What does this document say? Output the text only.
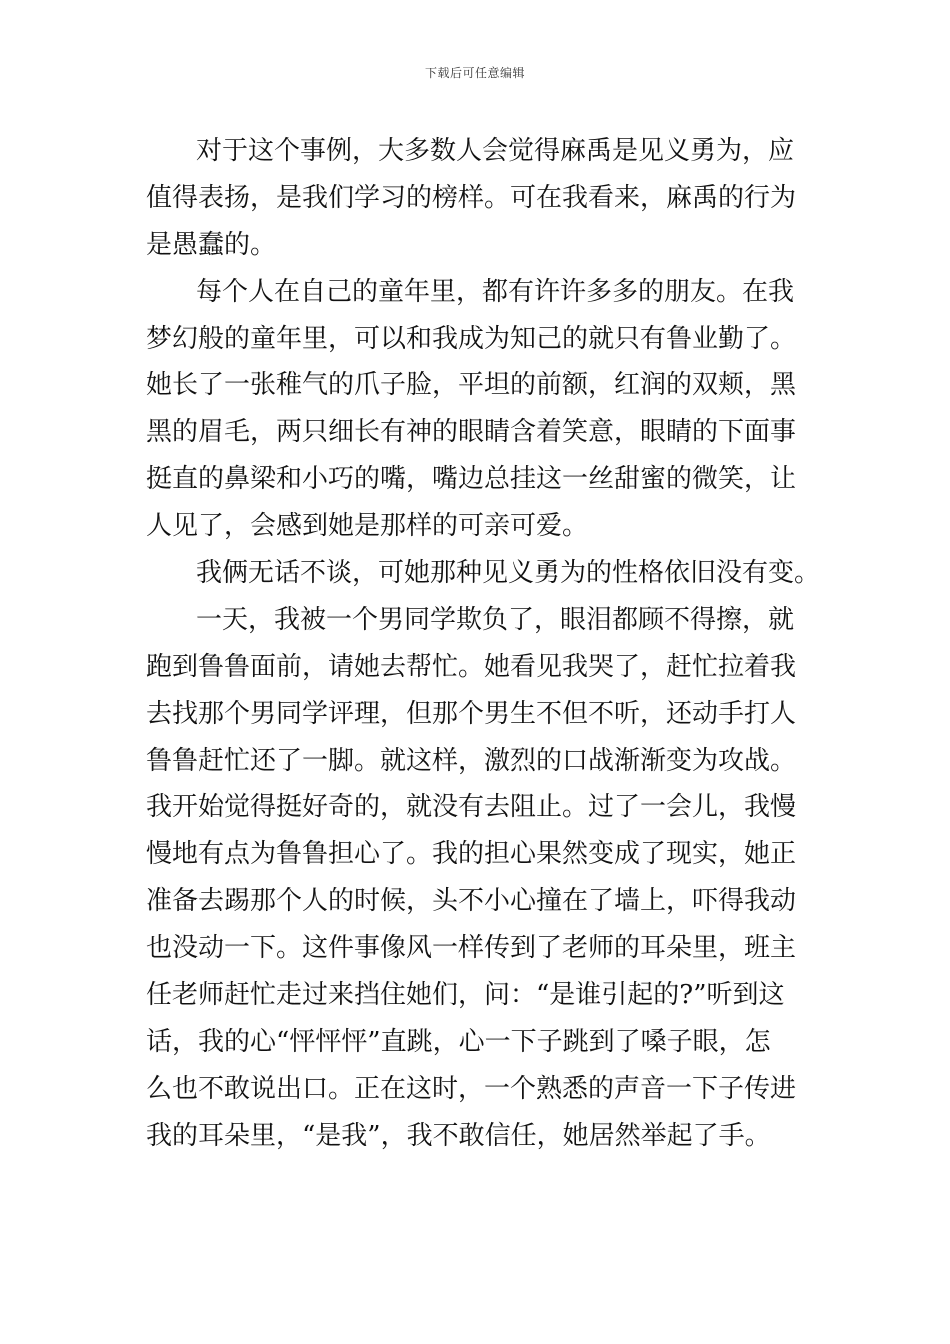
下载后可任意编辑
对于这个事例，大多数人会觉得麻禹是见义勇为，应
值得表扬，是我们学习的榜样。可在我看来，麻禹的行为
是愚蠢的。
每个人在自己的童年里，都有许许多多的朋友。在我
梦幻般的童年里，可以和我成为知己的就只有鲁业勤了。
她长了一张稚气的爪子脸，平坦的前额，红润的双颊，黑
黑的眉毛，两只细长有神的眼睛含着笑意，眼睛的下面事
挺直的鼻梁和小巧的嘴，嘴边总挂这一丝甜蜜的微笑，让
人见了，会感到她是那样的可亲可爱。
我俩无话不谈，可她那种见义勇为的性格依旧没有变。
一天，我被一个男同学欺负了，眼泪都顾不得擦，就
跑到鲁鲁面前，请她去帮忙。她看见我哭了，赶忙拉着我
去找那个男同学评理，但那个男生不但不听，还动手打人
鲁鲁赶忙还了一脚。就这样，激烈的口战渐渐变为攻战。
我开始觉得挺好奇的，就没有去阻止。过了一会儿，我慢
慢地有点为鲁鲁担心了。我的担心果然变成了现实，她正
准备去踢那个人的时候，头不小心撞在了墙上，吓得我动
也没动一下。这件事像风一样传到了老师的耳朵里，班主
任老师赶忙走过来挡住她们，问：“是谁引起的?”听到这
话，我的心“怦怦怦”直跳，心一下子跳到了嗓子眼，怎
么也不敢说出口。正在这时，一个熟悉的声音一下子传进
我的耳朵里，“是我”，我不敢信任，她居然举起了手。
